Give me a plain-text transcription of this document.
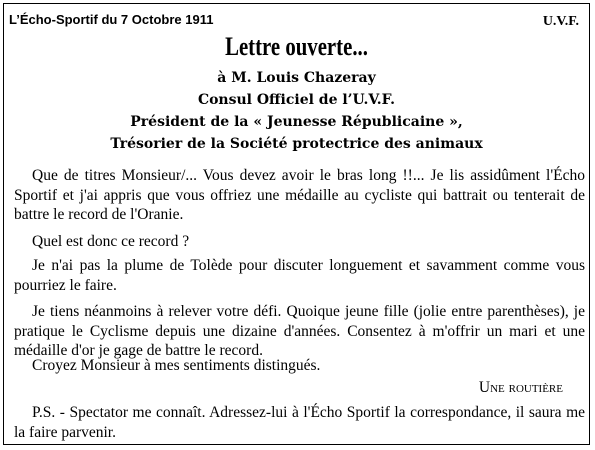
L’Écho-Sportif du 7 Octobre 1911	U.V.F.
Lettre ouverte...
à M. Louis Chazeray
Consul Officiel de l’U.V.F.
Président de la « Jeunesse Républicaine »,
Trésorier de la Société protectrice des animaux
Que de titres Monsieur/... Vous devez avoir le bras long !!... Je lis assidûment l'Écho Sportif et j'ai appris que vous offriez une médaille au cycliste qui battrait ou tenterait de battre le record de l'Oranie.
Quel est donc ce record ?
Je n'ai pas la plume de Tolède pour discuter longuement et savamment comme vous pourriez le faire.
Je tiens néanmoins à relever votre défi. Quoique jeune fille (jolie entre parenthèses), je pratique le Cyclisme depuis une dizaine d'années. Consentez à m'offrir un mari et une médaille d'or je gage de battre le record.
Croyez Monsieur à mes sentiments distingués.
Une routière
P.S. - Spectator me connaît. Adressez-lui à l'Écho Sportif la correspondance, il saura me la faire parvenir.
